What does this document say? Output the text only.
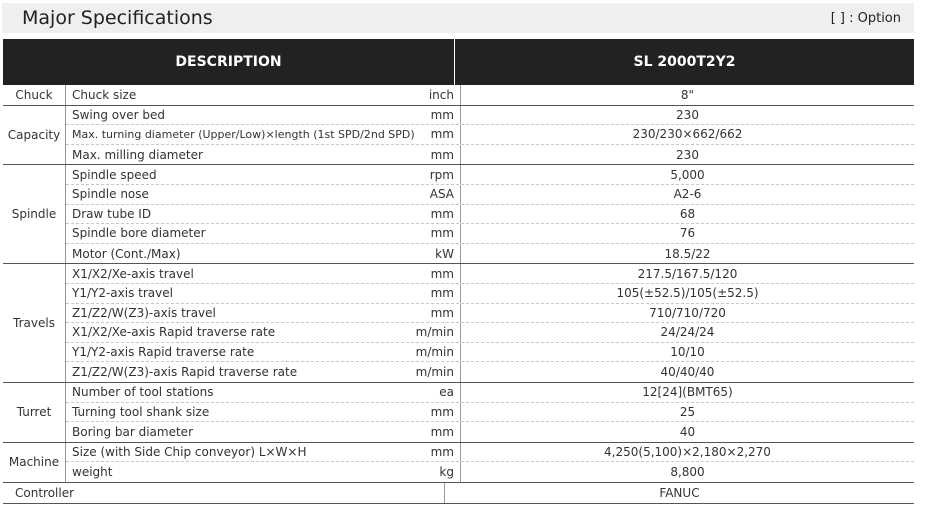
Major Specifications	[ ] : Option
DESCRIPTION	SL 2000T2Y2
Chuck	Chuck size	inch	8"
Capacity
Swing over bed	mm	230
Max. turning diameter (Upper/Low)×length (1st SPD/2nd SPD)	mm	230/230×662/662
Max. milling diameter	mm	230
Spindle
Spindle speed	rpm	5,000
Spindle nose	ASA	A2-6
Draw tube ID	mm	68
Spindle bore diameter	mm	76
Motor (Cont./Max)	kW	18.5/22
Travels
X1/X2/Xe-axis travel	mm	217.5/167.5/120
Y1/Y2-axis travel	mm	105(±52.5)/105(±52.5)
Z1/Z2/W(Z3)-axis travel	mm	710/710/720
X1/X2/Xe-axis Rapid traverse rate	m/min	24/24/24
Y1/Y2-axis Rapid traverse rate	m/min	10/10
Z1/Z2/W(Z3)-axis Rapid traverse rate	m/min	40/40/40
Turret
Number of tool stations	ea	12[24](BMT65)
Turning tool shank size	mm	25
Boring bar diameter	mm	40
Machine
Size (with Side Chip conveyor) L×W×H	mm	4,250(5,100)×2,180×2,270
weight	kg	8,800
Controller	FANUC
